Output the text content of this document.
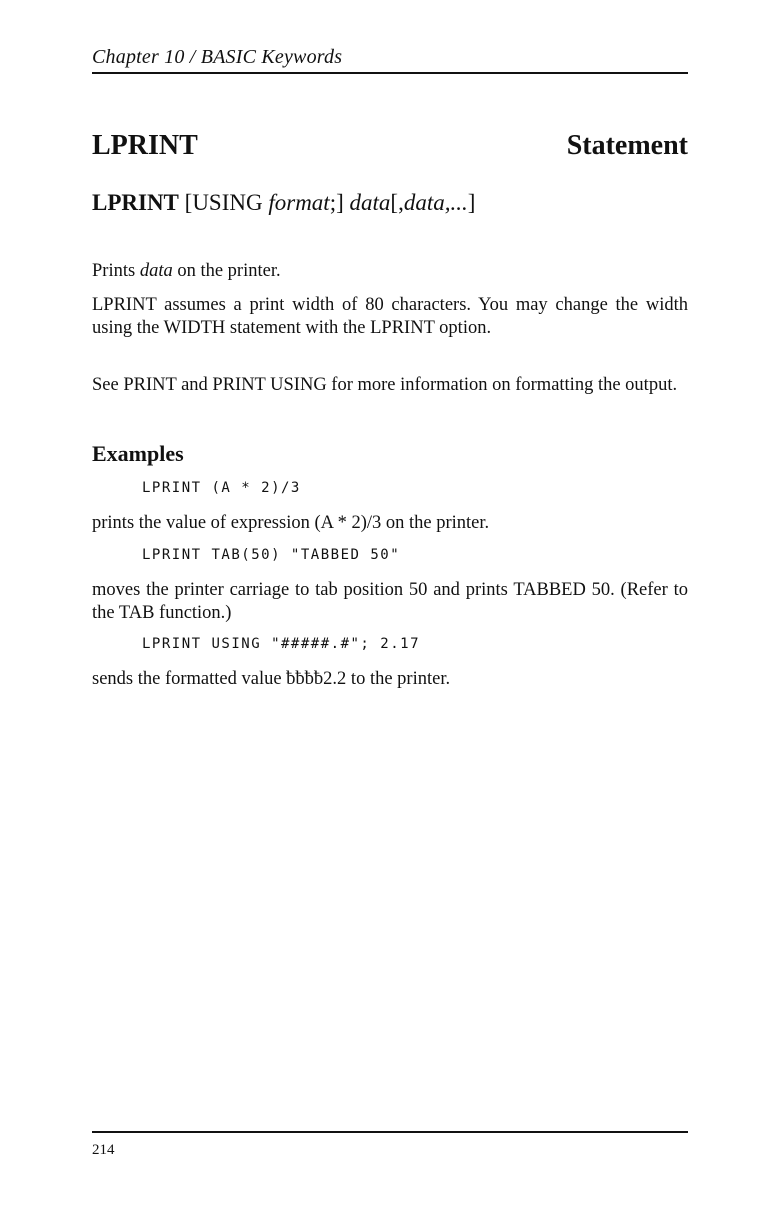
Chapter 10 / BASIC Keywords
LPRINT	Statement
LPRINT [USING format;] data[,data,...]
Prints data on the printer.
LPRINT assumes a print width of 80 characters. You may change the width using the WIDTH statement with the LPRINT option.
See PRINT and PRINT USING for more information on formatting the output.
Examples
LPRINT (A * 2)/3
prints the value of expression (A * 2)/3 on the printer.
LPRINT TAB(50) "TABBED 50"
moves the printer carriage to tab position 50 and prints TABBED 50. (Refer to the TAB function.)
LPRINT USING "#####.#"; 2.17
sends the formatted value ƀƀƀƀ2.2 to the printer.
214
